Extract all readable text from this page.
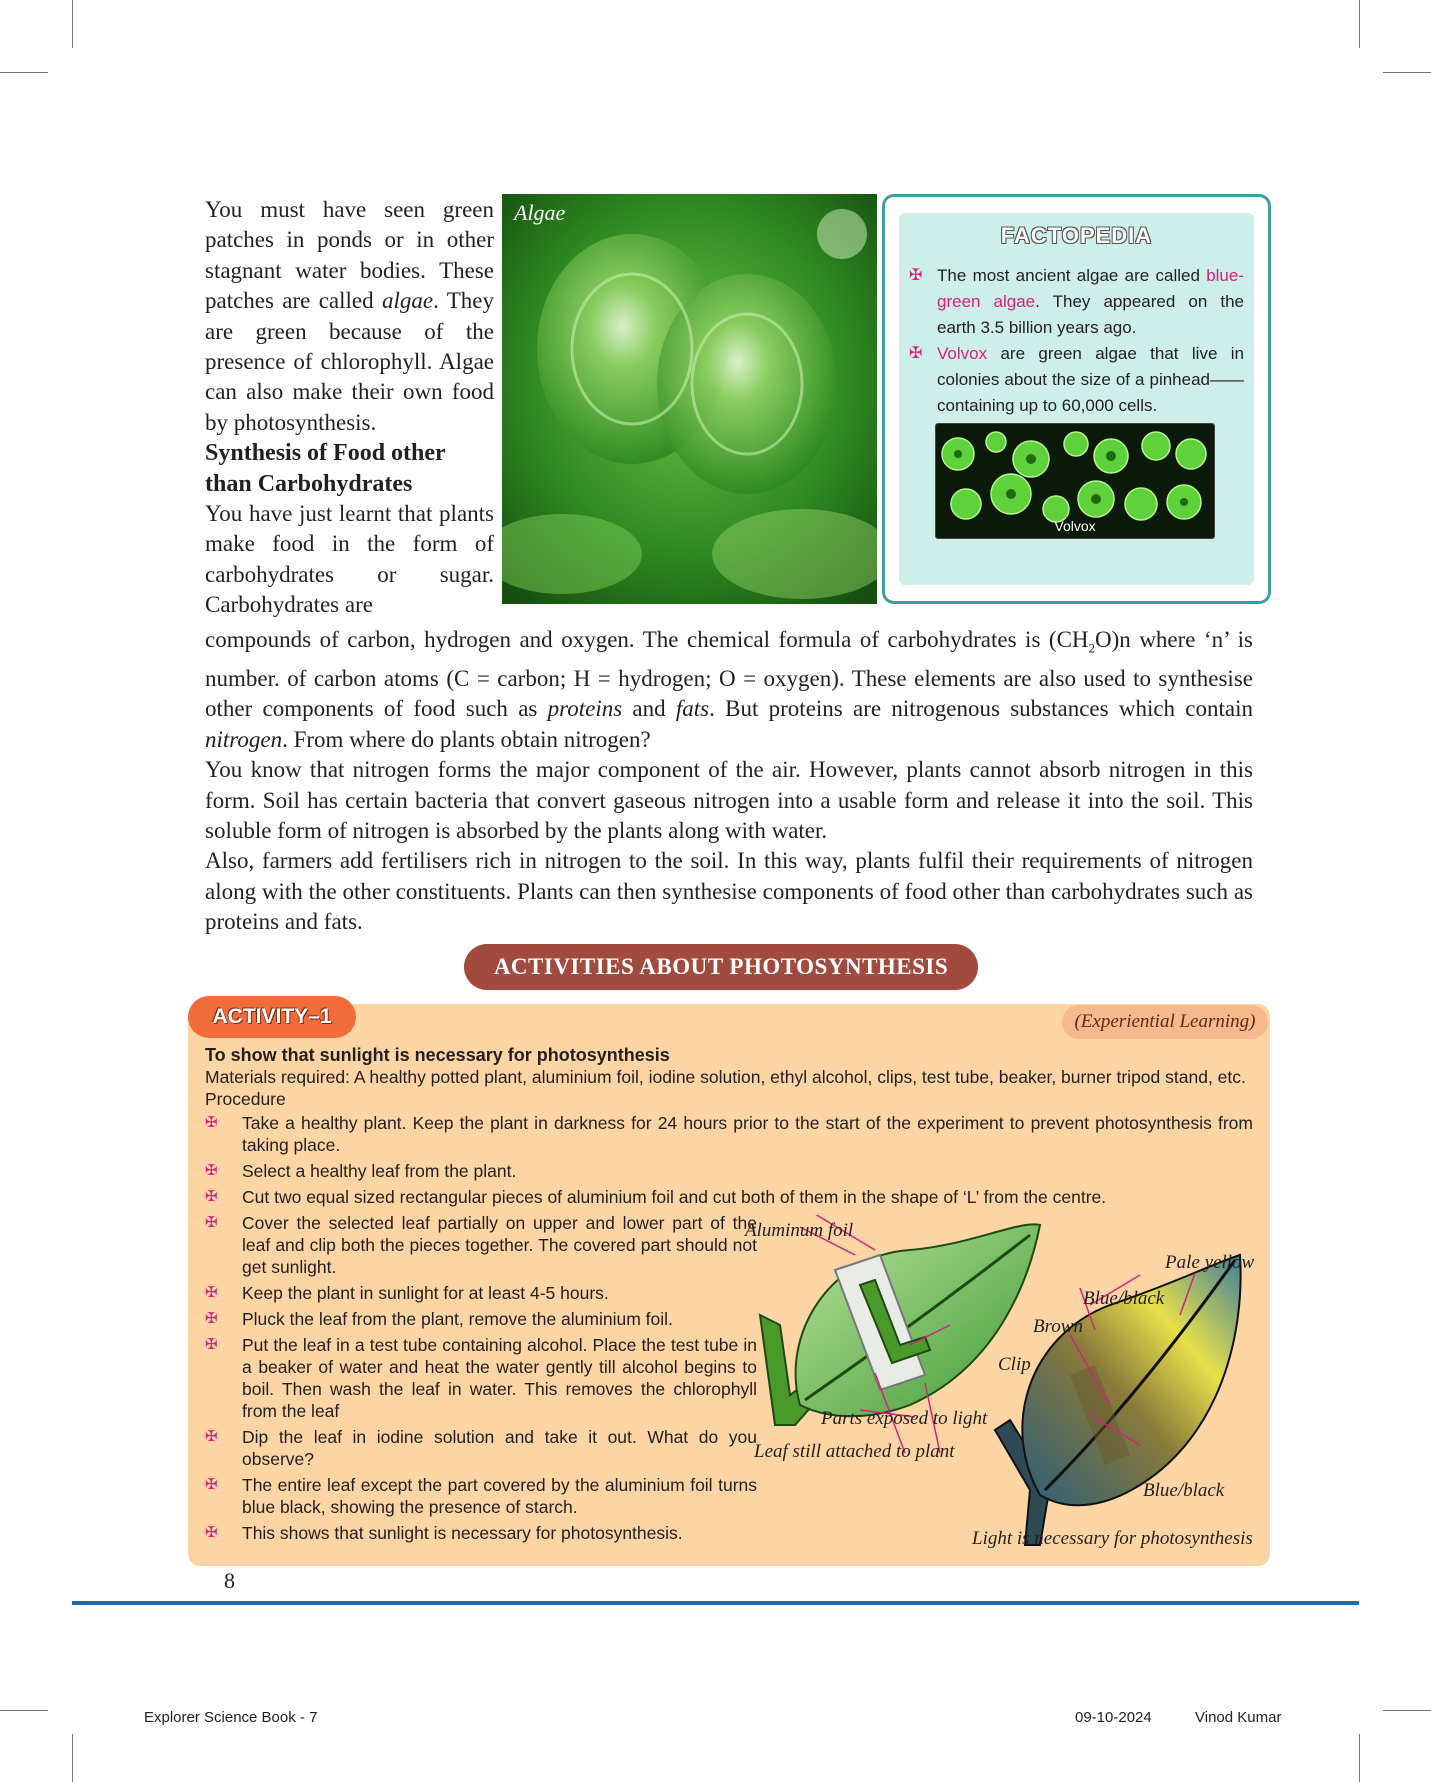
You must have seen green patches in ponds or in other stagnant water bodies. These patches are called algae. They are green because of the presence of chlorophyll. Algae can also make their own food by photosynthesis.

Synthesis of Food other than Carbohydrates

You have just learnt that plants make food in the form of carbohydrates or sugar. Carbohydrates are

Algae
FACTOPEDIA
✠ The most ancient algae are called blue-green algae. They appeared on the earth 3.5 billion years ago.
✠ Volvox are green algae that live in colonies about the size of a pinhead——containing up to 60,000 cells.
Volvox

compounds of carbon, hydrogen and oxygen. The chemical formula of carbohydrates is $(CH_2O)n$ where ‘n’ is number. of carbon atoms (C = carbon; H = hydrogen; O = oxygen). These elements are also used to synthesise other components of food such as proteins and fats. But proteins are nitrogenous substances which contain nitrogen. From where do plants obtain nitrogen?

You know that nitrogen forms the major component of the air. However, plants cannot absorb nitrogen in this form. Soil has certain bacteria that convert gaseous nitrogen into a usable form and release it into the soil. This soluble form of nitrogen is absorbed by the plants along with water.

Also, farmers add fertilisers rich in nitrogen to the soil. In this way, plants fulfil their requirements of nitrogen along with the other constituents. Plants can then synthesise components of food other than carbohydrates such as proteins and fats.

ACTIVITIES ABOUT PHOTOSYNTHESIS
ACTIVITY–1	(Experiential Learning)

To show that sunlight is necessary for photosynthesis

Materials required: A healthy potted plant, aluminium foil, iodine solution, ethyl alcohol, clips, test tube, beaker, burner tripod stand, etc.

Procedure

✠ Take a healthy plant. Keep the plant in darkness for 24 hours prior to the start of the experiment to prevent photosynthesis from taking place.
✠ Select a healthy leaf from the plant.
✠ Cut two equal sized rectangular pieces of aluminium foil and cut both of them in the shape of ‘L’ from the centre.
✠ Cover the selected leaf partially on upper and lower part of the leaf and clip both the pieces together. The covered part should not get sunlight.
✠ Keep the plant in sunlight for at least 4-5 hours.
✠ Pluck the leaf from the plant, remove the aluminium foil.
✠ Put the leaf in a test tube containing alcohol. Place the test tube in a beaker of water and heat the water gently till alcohol begins to boil. Then wash the leaf in water. This removes the chlorophyll from the leaf
✠ Dip the leaf in iodine solution and take it out. What do you observe?
✠ The entire leaf except the part covered by the aluminium foil turns blue black, showing the presence of starch.
✠ This shows that sunlight is necessary for photosynthesis.
Aluminum foil
Pale yellow
Blue/black
Brown
Clip
Parts exposed to light
Leaf still attached to plant
Blue/black
Light is necessary for photosynthesis
8
Explorer Science Book - 7	09-10-2024	Vinod Kumar
